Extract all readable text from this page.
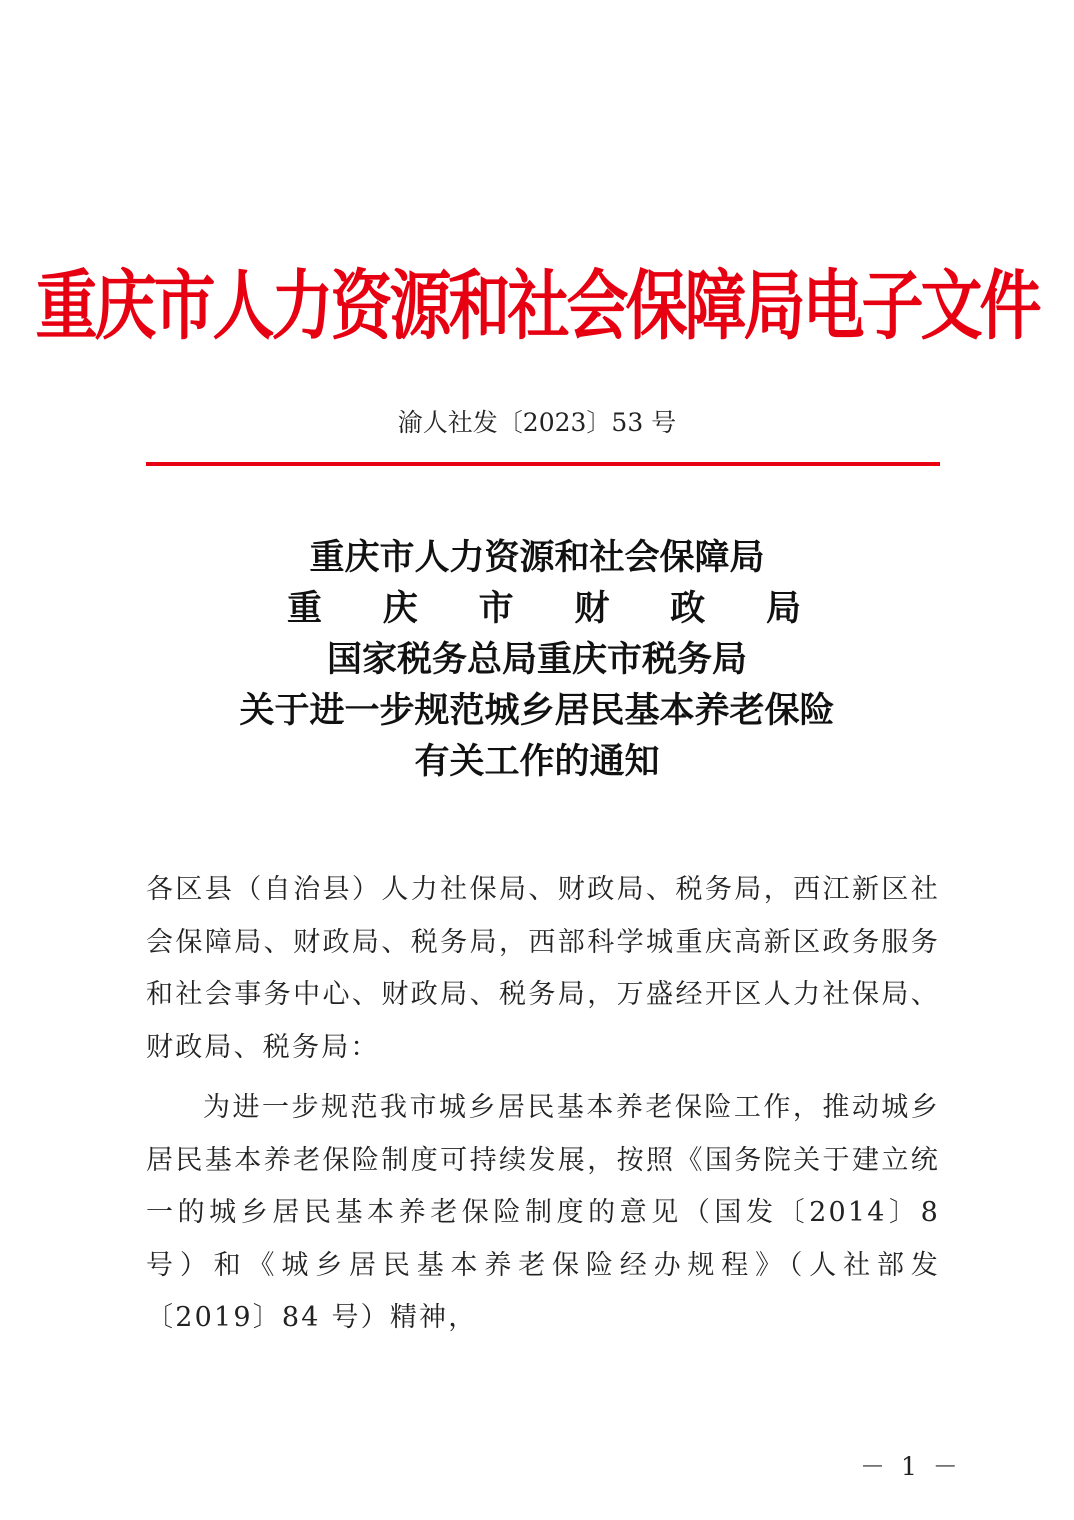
重庆市人力资源和社会保障局电子文件
渝人社发〔2023〕53 号
重庆市人力资源和社会保障局
重 庆 市 财 政 局
国家税务总局重庆市税务局
关于进一步规范城乡居民基本养老保险
有关工作的通知
各区县（自治县）人力社保局、财政局、税务局，西江新区社会保障局、财政局、税务局，西部科学城重庆高新区政务服务和社会事务中心、财政局、税务局，万盛经开区人力社保局、财政局、税务局：
为进一步规范我市城乡居民基本养老保险工作，推动城乡居民基本养老保险制度可持续发展，按照《国务院关于建立统一的城乡居民基本养老保险制度的意见（国发〔2014〕8 号）和《城乡居民基本养老保险经办规程》（人社部发〔2019〕84 号）精神，
－ 1 －
